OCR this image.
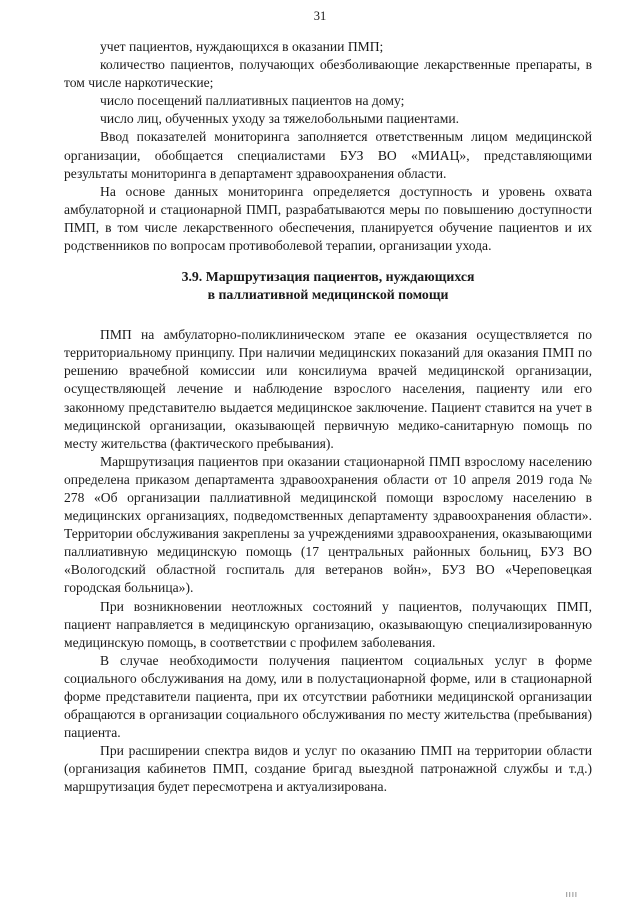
31

учет пациентов, нуждающихся в оказании ПМП;

количество пациентов, получающих обезболивающие лекарственные препараты, в том числе наркотические;

число посещений паллиативных пациентов на дому;

число лиц, обученных уходу за тяжелобольными пациентами.

Ввод показателей мониторинга заполняется ответственным лицом медицинской организации, обобщается специалистами БУЗ ВО «МИАЦ», представляющими результаты мониторинга в департамент здравоохранения области.

На основе данных мониторинга определяется доступность и уровень охвата амбулаторной и стационарной ПМП, разрабатываются меры по повышению доступности ПМП, в том числе лекарственного обеспечения, планируется обучение пациентов и их родственников по вопросам противоболевой терапии, организации ухода.

3.9. Маршрутизация пациентов, нуждающихся
в паллиативной медицинской помощи

ПМП на амбулаторно-поликлиническом этапе ее оказания осуществляется по территориальному принципу. При наличии медицинских показаний для оказания ПМП по решению врачебной комиссии или консилиума врачей медицинской организации, осуществляющей лечение и наблюдение взрослого населения, пациенту или его законному представителю выдается медицинское заключение. Пациент ставится на учет в медицинской организации, оказывающей первичную медико-санитарную помощь по месту жительства (фактического пребывания).

Маршрутизация пациентов при оказании стационарной ПМП взрослому населению определена приказом департамента здравоохранения области от 10 апреля 2019 года № 278 «Об организации паллиативной медицинской помощи взрослому населению в медицинских организациях, подведомственных департаменту здравоохранения области». Территории обслуживания закреплены за учреждениями здравоохранения, оказывающими паллиативную медицинскую помощь (17 центральных районных больниц, БУЗ ВО «Вологодский областной госпиталь для ветеранов войн», БУЗ ВО «Череповецкая городская больница»).

При возникновении неотложных состояний у пациентов, получающих ПМП, пациент направляется в медицинскую организацию, оказывающую специализированную медицинскую помощь, в соответствии с профилем заболевания.

В случае необходимости получения пациентом социальных услуг в форме социального обслуживания на дому, или в полустационарной форме, или в стационарной форме представители пациента, при их отсутствии работники медицинской организации обращаются в организации социального обслуживания по месту жительства (пребывания) пациента.

При расширении спектра видов и услуг по оказанию ПМП на территории области (организация кабинетов ПМП, создание бригад выездной патронажной службы и т.д.) маршрутизация будет пересмотрена и актуализирована.

IIII
